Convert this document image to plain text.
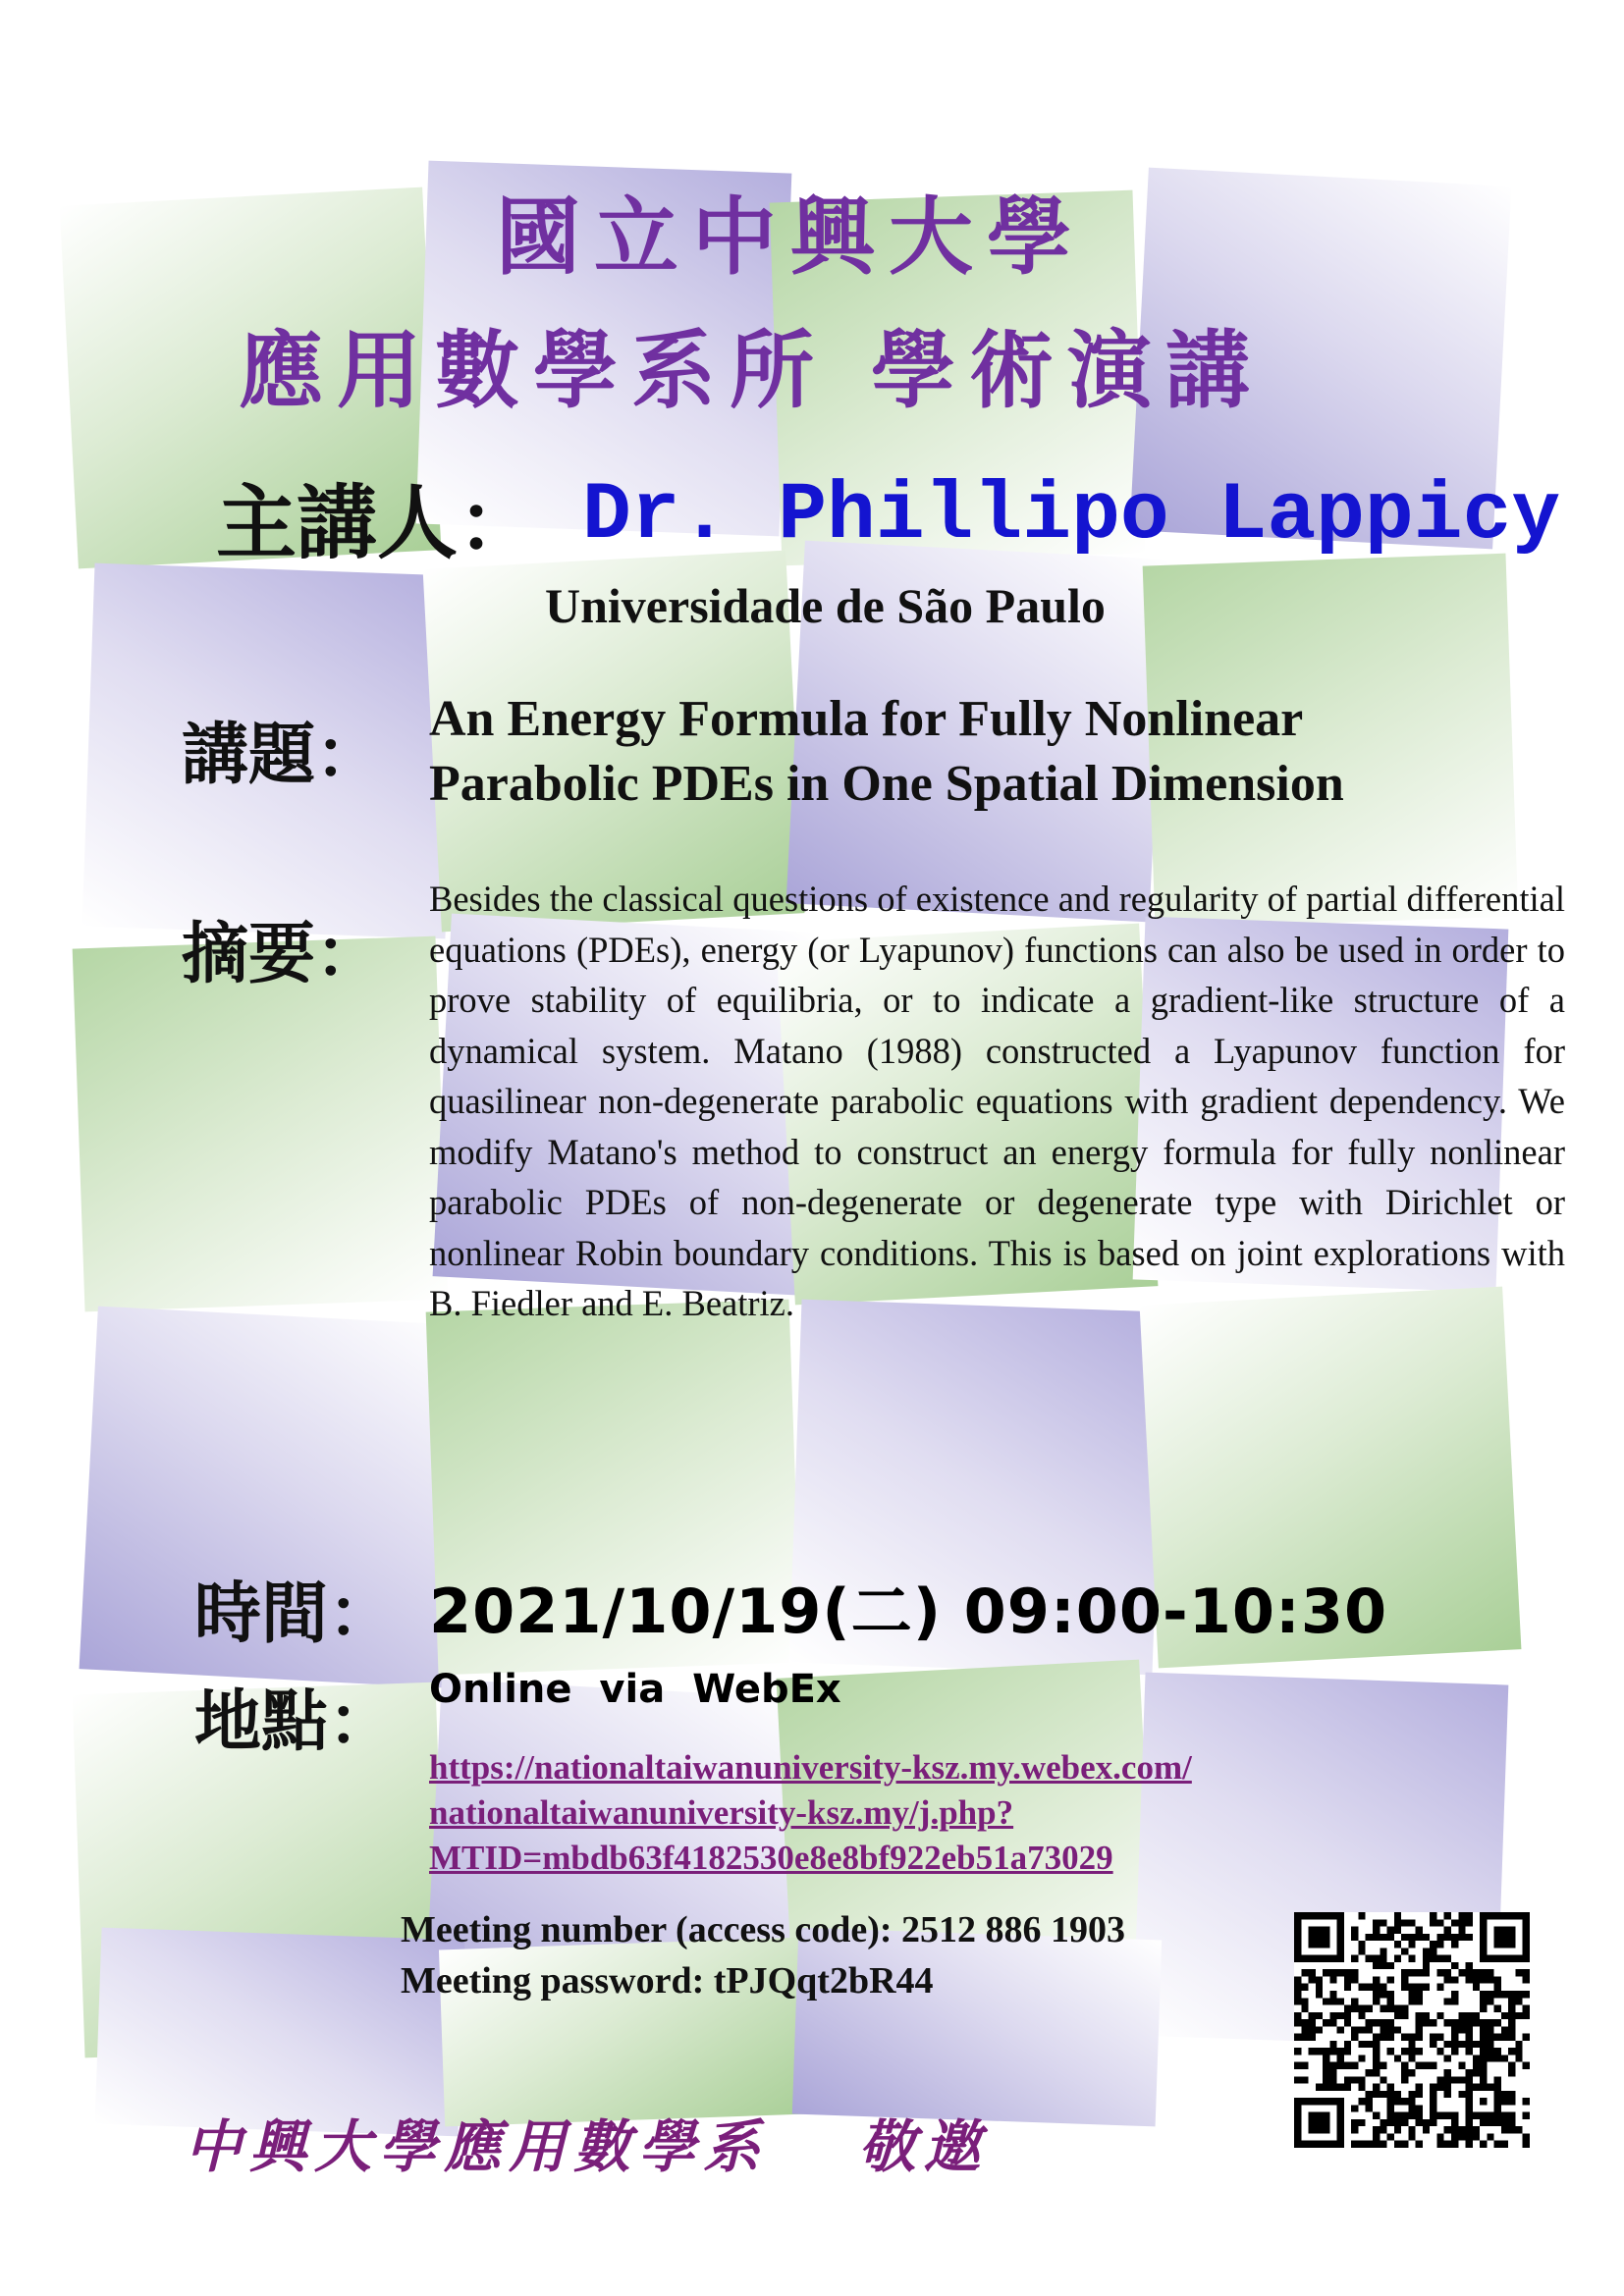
國立中興大學
應用數學系所 學術演講
主講人： Dr. Phillipo Lappicy
Universidade de São Paulo
講題： An Energy Formula for Fully Nonlinear
Parabolic PDEs in One Spatial Dimension
摘要：

Besides the classical questions of existence and regularity of partial differential equations (PDEs), energy (or Lyapunov) functions can also be used in order to prove stability of equilibria, or to indicate a gradient-like structure of a dynamical system. Matano (1988) constructed a Lyapunov function for quasilinear non-degenerate parabolic equations with gradient dependency. We modify Matano's method to construct an energy formula for fully nonlinear parabolic PDEs of non-degenerate or degenerate type with Dirichlet or nonlinear Robin boundary conditions. This is based on joint explorations with B. Fiedler and E. Beatriz.

時間： 2021/10/19(二) 09:00-10:30
地點： Online via WebEx
https://nationaltaiwanuniversity-ksz.my.webex.com/
nationaltaiwanuniversity-ksz.my/j.php?
MTID=mbdb63f4182530e8e8bf922eb51a73029
Meeting number (access code): 2512 886 1903
Meeting password: tPJQqt2bR44
中興大學應用數學系 敬邀
